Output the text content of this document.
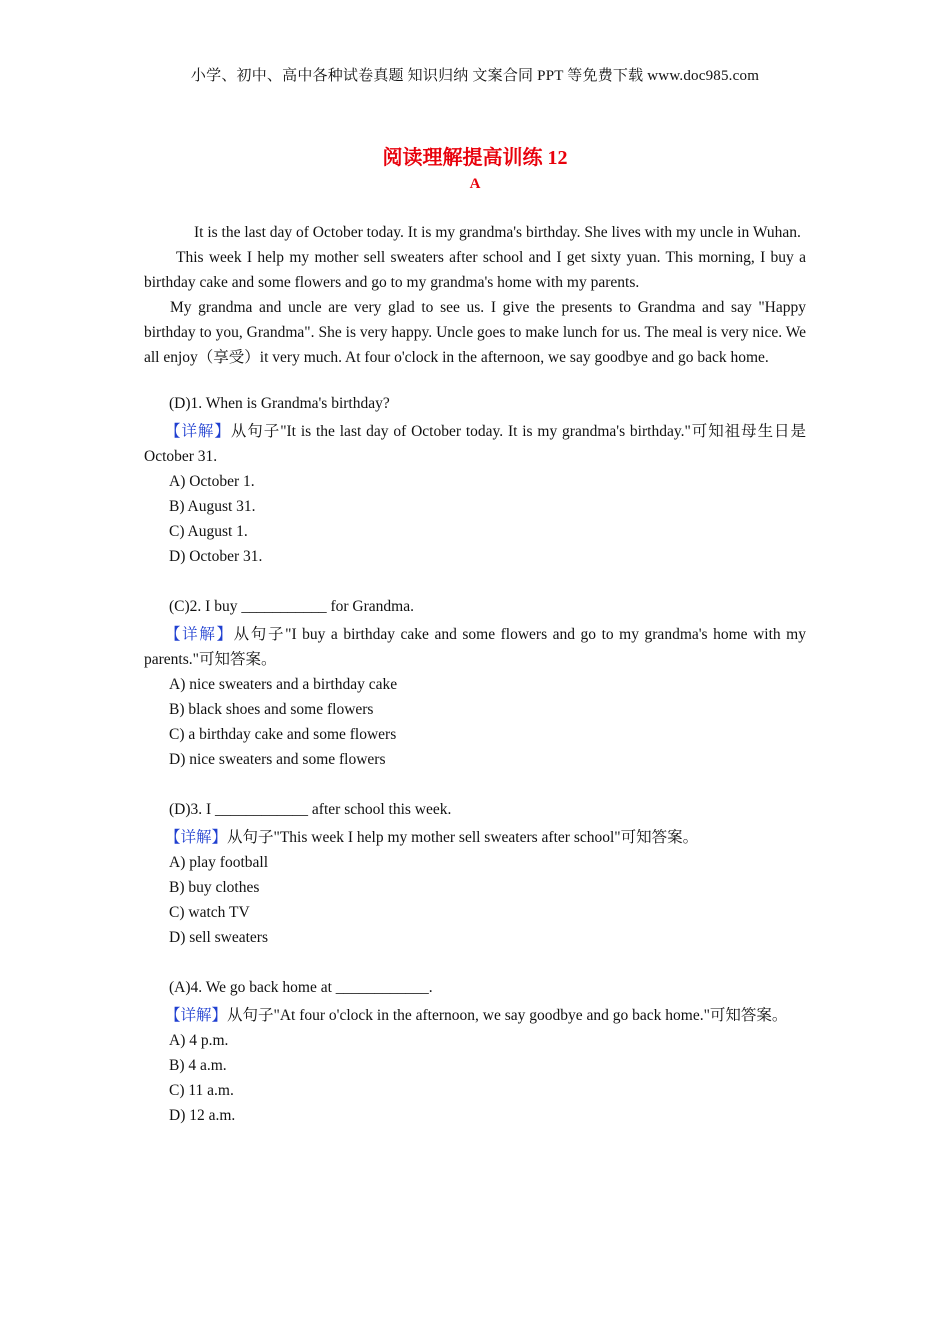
小学、初中、高中各种试卷真题 知识归纳 文案合同 PPT 等免费下载 www.doc985.com
阅读理解提高训练 12
A

It is the last day of October today. It is my grandma's birthday. She lives with my uncle in Wuhan.

This week I help my mother sell sweaters after school and I get sixty yuan. This morning, I buy a birthday cake and some flowers and go to my grandma's home with my parents.

My grandma and uncle are very glad to see us. I give the presents to Grandma and say "Happy birthday to you, Grandma". She is very happy. Uncle goes to make lunch for us. The meal is very nice. We all enjoy（享受）it very much. At four o'clock in the afternoon, we say goodbye and go back home.

(D)1. When is Grandma's birthday?

【详解】从句子"It is the last day of October today. It is my grandma's birthday."可知祖母生日是 October 31.

A) October 1.
B) August 31.
C) August 1.
D) October 31.

(C)2. I buy ___________ for Grandma.

【详解】从句子"I buy a birthday cake and some flowers and go to my grandma's home with my parents."可知答案。

A) nice sweaters and a birthday cake
B) black shoes and some flowers
C) a birthday cake and some flowers
D) nice sweaters and some flowers

(D)3. I ____________ after school this week.

【详解】从句子"This week I help my mother sell sweaters after school"可知答案。

A) play football
B) buy clothes
C) watch TV
D) sell sweaters

(A)4. We go back home at ____________.

【详解】从句子"At four o'clock in the afternoon, we say goodbye and go back home."可知答案。

A) 4 p.m.
B) 4 a.m.
C) 11 a.m.
D) 12 a.m.
